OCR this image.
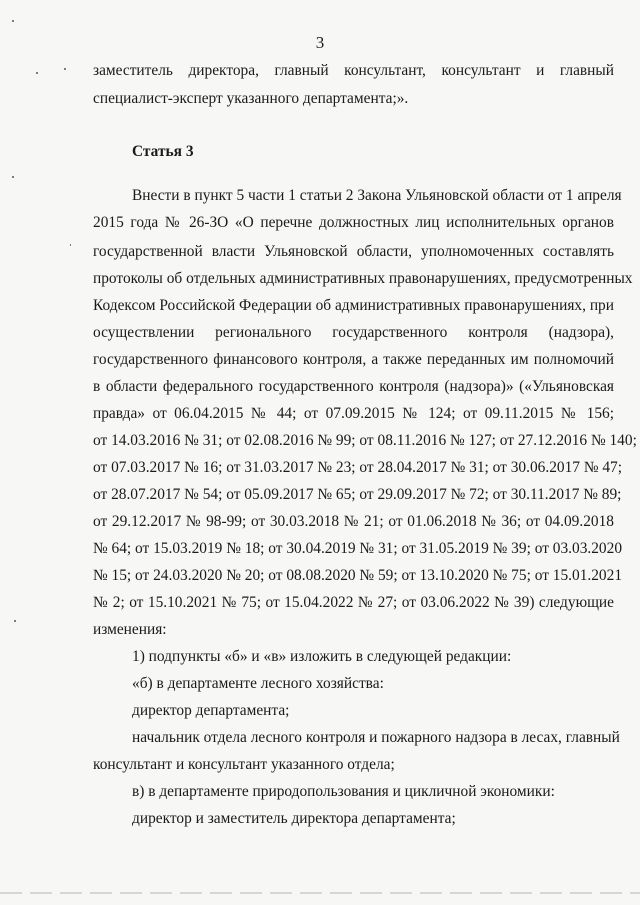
3

заместитель директора, главный консультант, консультант и главный

специалист-эксперт указанного департамента;».

Статья 3

Внести в пункт 5 части 1 статьи 2 Закона Ульяновской области от 1 апреля

2015 года № 26-ЗО «О перечне должностных лиц исполнительных органов

государственной власти Ульяновской области, уполномоченных составлять

протоколы об отдельных административных правонарушениях, предусмотренных

Кодексом Российской Федерации об административных правонарушениях, при

осуществлении регионального государственного контроля (надзора),

государственного финансового контроля, а также переданных им полномочий

в области федерального государственного контроля (надзора)» («Ульяновская

правда» от 06.04.2015 № 44; от 07.09.2015 № 124; от 09.11.2015 № 156;

от 14.03.2016 № 31; от 02.08.2016 № 99; от 08.11.2016 № 127; от 27.12.2016 № 140;

от 07.03.2017 № 16; от 31.03.2017 № 23; от 28.04.2017 № 31; от 30.06.2017 № 47;

от 28.07.2017 № 54; от 05.09.2017 № 65; от 29.09.2017 № 72; от 30.11.2017 № 89;

от 29.12.2017 № 98-99; от 30.03.2018 № 21; от 01.06.2018 № 36; от 04.09.2018

№ 64; от 15.03.2019 № 18; от 30.04.2019 № 31; от 31.05.2019 № 39; от 03.03.2020

№ 15; от 24.03.2020 № 20; от 08.08.2020 № 59; от 13.10.2020 № 75; от 15.01.2021

№ 2; от 15.10.2021 № 75; от 15.04.2022 № 27; от 03.06.2022 № 39) следующие

изменения:

1) подпункты «б» и «в» изложить в следующей редакции:

«б) в департаменте лесного хозяйства:

директор департамента;

начальник отдела лесного контроля и пожарного надзора в лесах, главный

консультант и консультант указанного отдела;

в) в департаменте природопользования и цикличной экономики:

директор и заместитель директора департамента;
